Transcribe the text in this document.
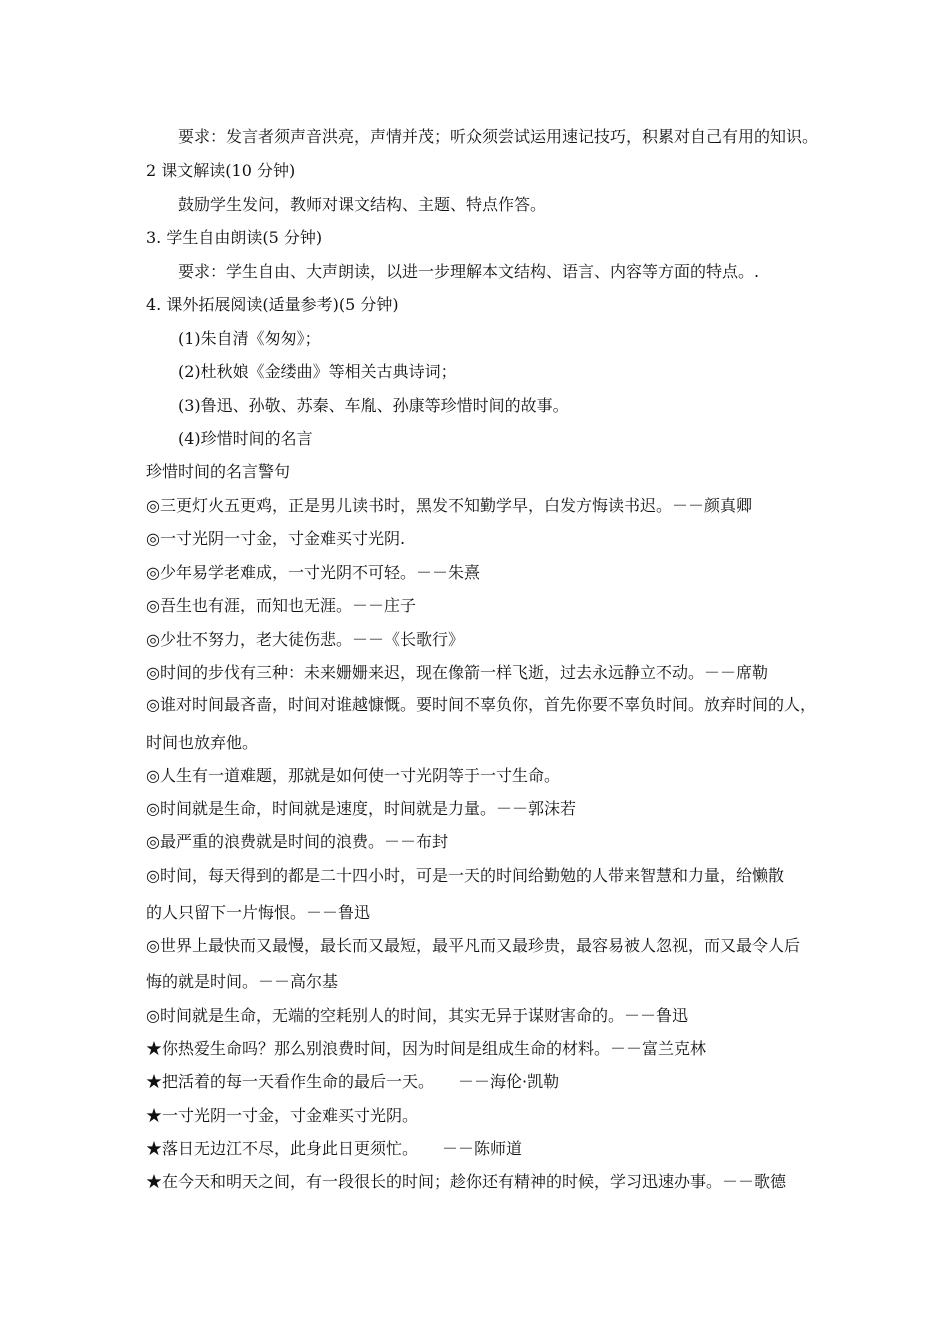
要求：发言者须声音洪亮，声情并茂；听众须尝试运用速记技巧，积累对自己有用的知识。
2 课文解读(10 分钟)
鼓励学生发问，教师对课文结构、主题、特点作答。
3. 学生自由朗读(5 分钟)
要求：学生自由、大声朗读，以进一步理解本文结构、语言、内容等方面的特点。.
4. 课外拓展阅读(适量参考)(5 分钟)
(1)朱自清《匆匆》；
(2)杜秋娘《金缕曲》等相关古典诗词；
(3)鲁迅、孙敬、苏秦、车胤、孙康等珍惜时间的故事。
(4)珍惜时间的名言
珍惜时间的名言警句
◎三更灯火五更鸡，正是男儿读书时，黑发不知勤学早，白发方悔读书迟。－－颜真卿
◎一寸光阴一寸金，寸金难买寸光阴.
◎少年易学老难成，一寸光阴不可轻。－－朱熹
◎吾生也有涯，而知也无涯。－－庄子
◎少壮不努力，老大徒伤悲。－－《长歌行》
◎时间的步伐有三种：未来姗姗来迟，现在像箭一样飞逝，过去永远静立不动。－－席勒
◎谁对时间最吝啬，时间对谁越慷慨。要时间不辜负你，首先你要不辜负时间。放弃时间的人，
时间也放弃他。
◎人生有一道难题，那就是如何使一寸光阴等于一寸生命。
◎时间就是生命，时间就是速度，时间就是力量。－－郭沫若
◎最严重的浪费就是时间的浪费。－－布封
◎时间，每天得到的都是二十四小时，可是一天的时间给勤勉的人带来智慧和力量，给懒散
的人只留下一片悔恨。－－鲁迅
◎世界上最快而又最慢，最长而又最短，最平凡而又最珍贵，最容易被人忽视，而又最令人后
悔的就是时间。－－高尔基
◎时间就是生命，无端的空耗别人的时间，其实无异于谋财害命的。－－鲁迅
★你热爱生命吗？那么别浪费时间，因为时间是组成生命的材料。－－富兰克林
★把活着的每一天看作生命的最后一天。　　－－海伦·凯勒
★一寸光阴一寸金，寸金难买寸光阴。
★落日无边江不尽，此身此日更须忙。　　－－陈师道
★在今天和明天之间，有一段很长的时间；趁你还有精神的时候，学习迅速办事。－－歌德
